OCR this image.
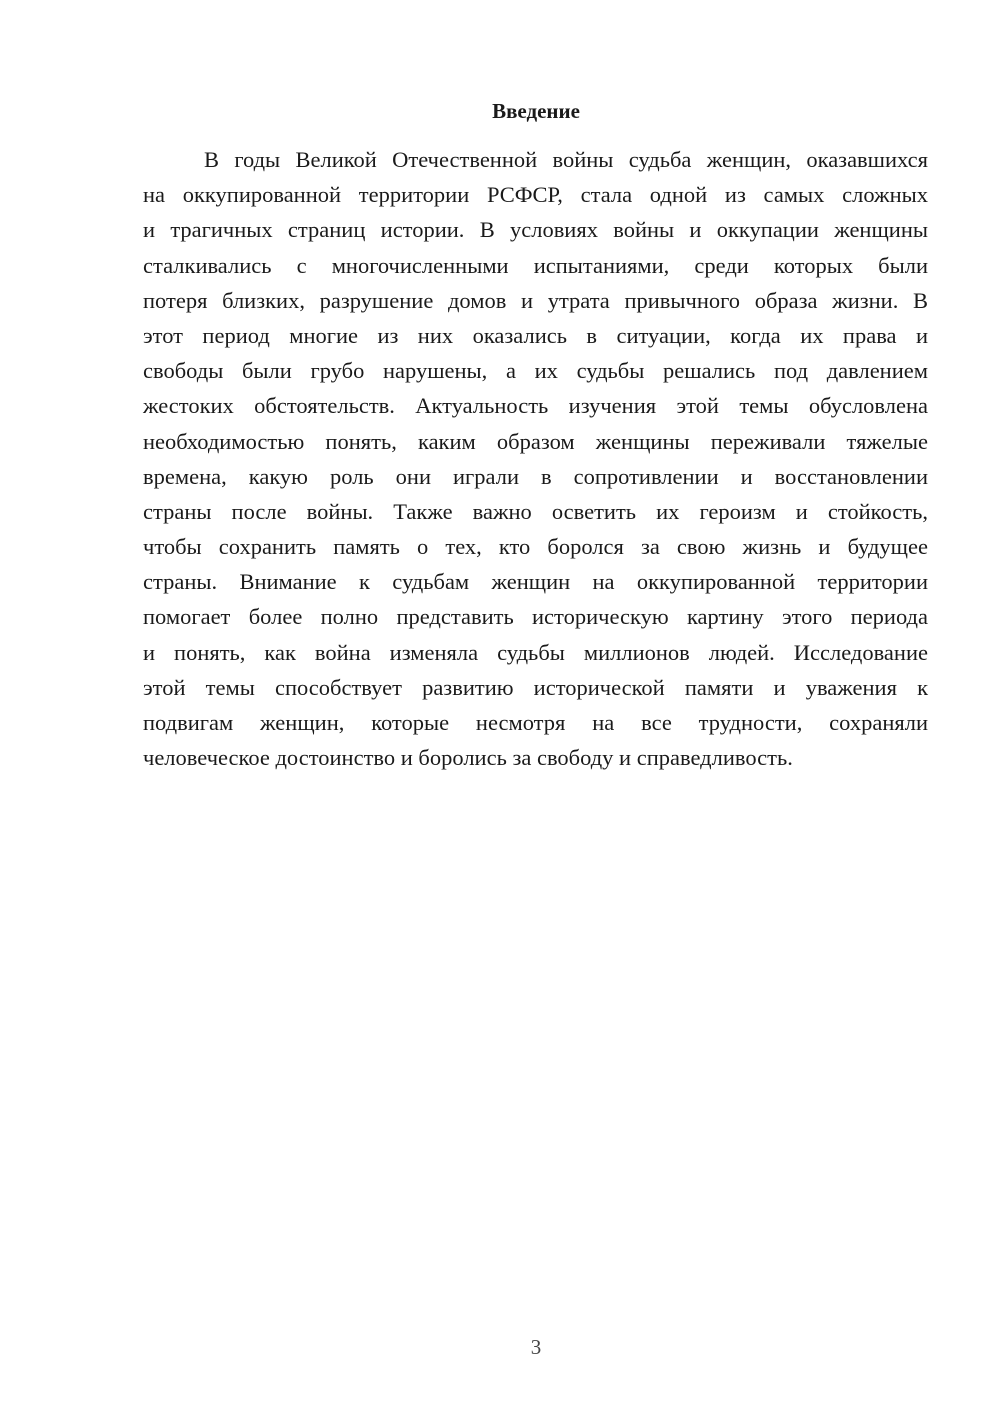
Введение
В годы Великой Отечественной войны судьба женщин, оказавшихся
на оккупированной территории РСФСР, стала одной из самых сложных
и трагичных страниц истории. В условиях войны и оккупации женщины
сталкивались с многочисленными испытаниями, среди которых были
потеря близких, разрушение домов и утрата привычного образа жизни. В
этот период многие из них оказались в ситуации, когда их права и
свободы были грубо нарушены, а их судьбы решались под давлением
жестоких обстоятельств. Актуальность изучения этой темы обусловлена
необходимостью понять, каким образом женщины переживали тяжелые
времена, какую роль они играли в сопротивлении и восстановлении
страны после войны. Также важно осветить их героизм и стойкость,
чтобы сохранить память о тех, кто боролся за свою жизнь и будущее
страны. Внимание к судьбам женщин на оккупированной территории
помогает более полно представить историческую картину этого периода
и понять, как война изменяла судьбы миллионов людей. Исследование
этой темы способствует развитию исторической памяти и уважения к
подвигам женщин, которые несмотря на все трудности, сохраняли
человеческое достоинство и боролись за свободу и справедливость.
3
